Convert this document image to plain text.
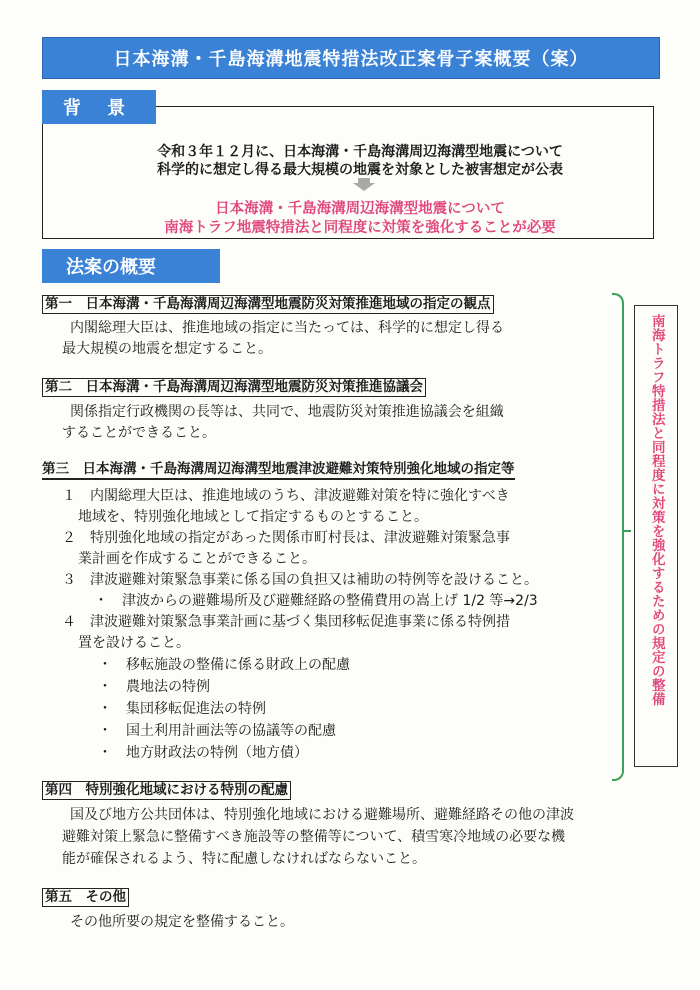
日本海溝・千島海溝地震特措法改正案骨子案概要（案）
背 景
令和３年１２月に、日本海溝・千島海溝周辺海溝型地震について
科学的に想定し得る最大規模の地震を対象とした被害想定が公表
日本海溝・千島海溝周辺海溝型地震について
南海トラフ地震特措法と同程度に対策を強化することが必要
法案の概要
第一　日本海溝・千島海溝周辺海溝型地震防災対策推進地域の指定の観点
内閣総理大臣は、推進地域の指定に当たっては、科学的に想定し得る
最大規模の地震を想定すること。
第二　日本海溝・千島海溝周辺海溝型地震防災対策推進協議会
関係指定行政機関の長等は、共同で、地震防災対策推進協議会を組織
することができること。
第三　日本海溝・千島海溝周辺海溝型地震津波避難対策特別強化地域の指定等
１　内閣総理大臣は、推進地域のうち、津波避難対策を特に強化すべき
地域を、特別強化地域として指定するものとすること。
２　特別強化地域の指定があった関係市町村長は、津波避難対策緊急事
業計画を作成することができること。
３　津波避難対策緊急事業に係る国の負担又は補助の特例等を設けること。
・　津波からの避難場所及び避難経路の整備費用の嵩上げ 1/2 等→2/3
４　津波避難対策緊急事業計画に基づく集団移転促進事業に係る特例措
置を設けること。
・　移転施設の整備に係る財政上の配慮
・　農地法の特例
・　集団移転促進法の特例
・　国土利用計画法等の協議等の配慮
・　地方財政法の特例（地方債）
第四　特別強化地域における特別の配慮
国及び地方公共団体は、特別強化地域における避難場所、避難経路その他の津波
避難対策上緊急に整備すべき施設等の整備等について、積雪寒冷地域の必要な機
能が確保されるよう、特に配慮しなければならないこと。
第五　その他
その他所要の規定を整備すること。
南海トラフ特措法と同程度に対策を強化するための規定の整備
